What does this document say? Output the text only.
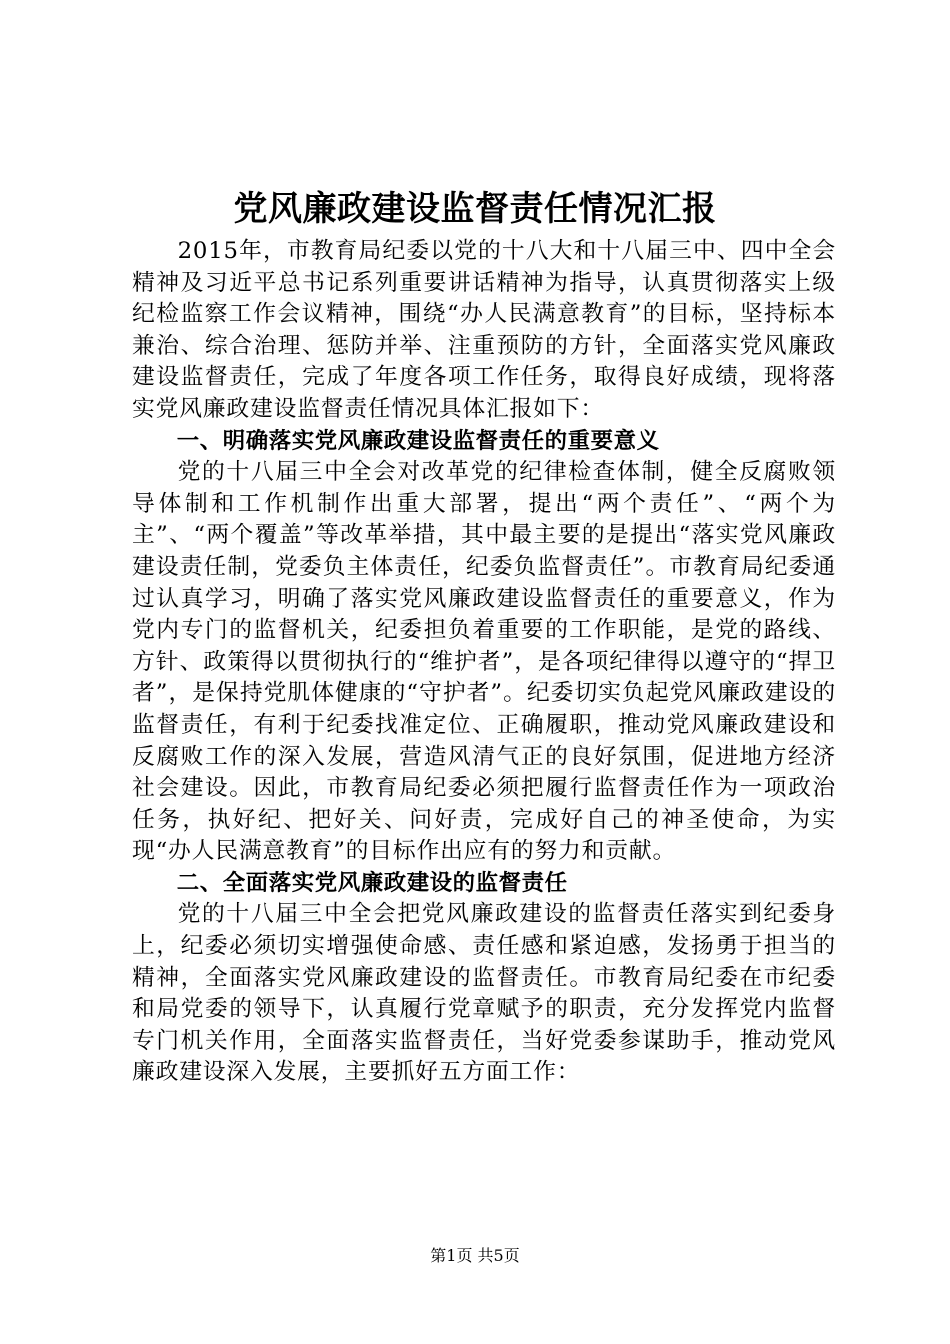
党风廉政建设监督责任情况汇报

2015年，市教育局纪委以党的十八大和十八届三中、四中全会精神及习近平总书记系列重要讲话精神为指导，认真贯彻落实上级纪检监察工作会议精神，围绕“办人民满意教育”的目标，坚持标本兼治、综合治理、惩防并举、注重预防的方针，全面落实党风廉政建设监督责任，完成了年度各项工作任务，取得良好成绩，现将落实党风廉政建设监督责任情况具体汇报如下：

一、明确落实党风廉政建设监督责任的重要意义

党的十八届三中全会对改革党的纪律检查体制，健全反腐败领导体制和工作机制作出重大部署，提出“两个责任”、“两个为主”、“两个覆盖”等改革举措，其中最主要的是提出“落实党风廉政建设责任制，党委负主体责任，纪委负监督责任”。市教育局纪委通过认真学习，明确了落实党风廉政建设监督责任的重要意义，作为党内专门的监督机关，纪委担负着重要的工作职能，是党的路线、方针、政策得以贯彻执行的“维护者”，是各项纪律得以遵守的“捍卫者”，是保持党肌体健康的“守护者”。纪委切实负起党风廉政建设的监督责任，有利于纪委找准定位、正确履职，推动党风廉政建设和反腐败工作的深入发展，营造风清气正的良好氛围，促进地方经济社会建设。因此，市教育局纪委必须把履行监督责任作为一项政治任务，执好纪、把好关、问好责，完成好自己的神圣使命，为实现“办人民满意教育”的目标作出应有的努力和贡献。

二、全面落实党风廉政建设的监督责任

党的十八届三中全会把党风廉政建设的监督责任落实到纪委身上，纪委必须切实增强使命感、责任感和紧迫感，发扬勇于担当的精神，全面落实党风廉政建设的监督责任。市教育局纪委在市纪委和局党委的领导下，认真履行党章赋予的职责，充分发挥党内监督专门机关作用，全面落实监督责任，当好党委参谋助手，推动党风廉政建设深入发展，主要抓好五方面工作：

第1页 共5页
